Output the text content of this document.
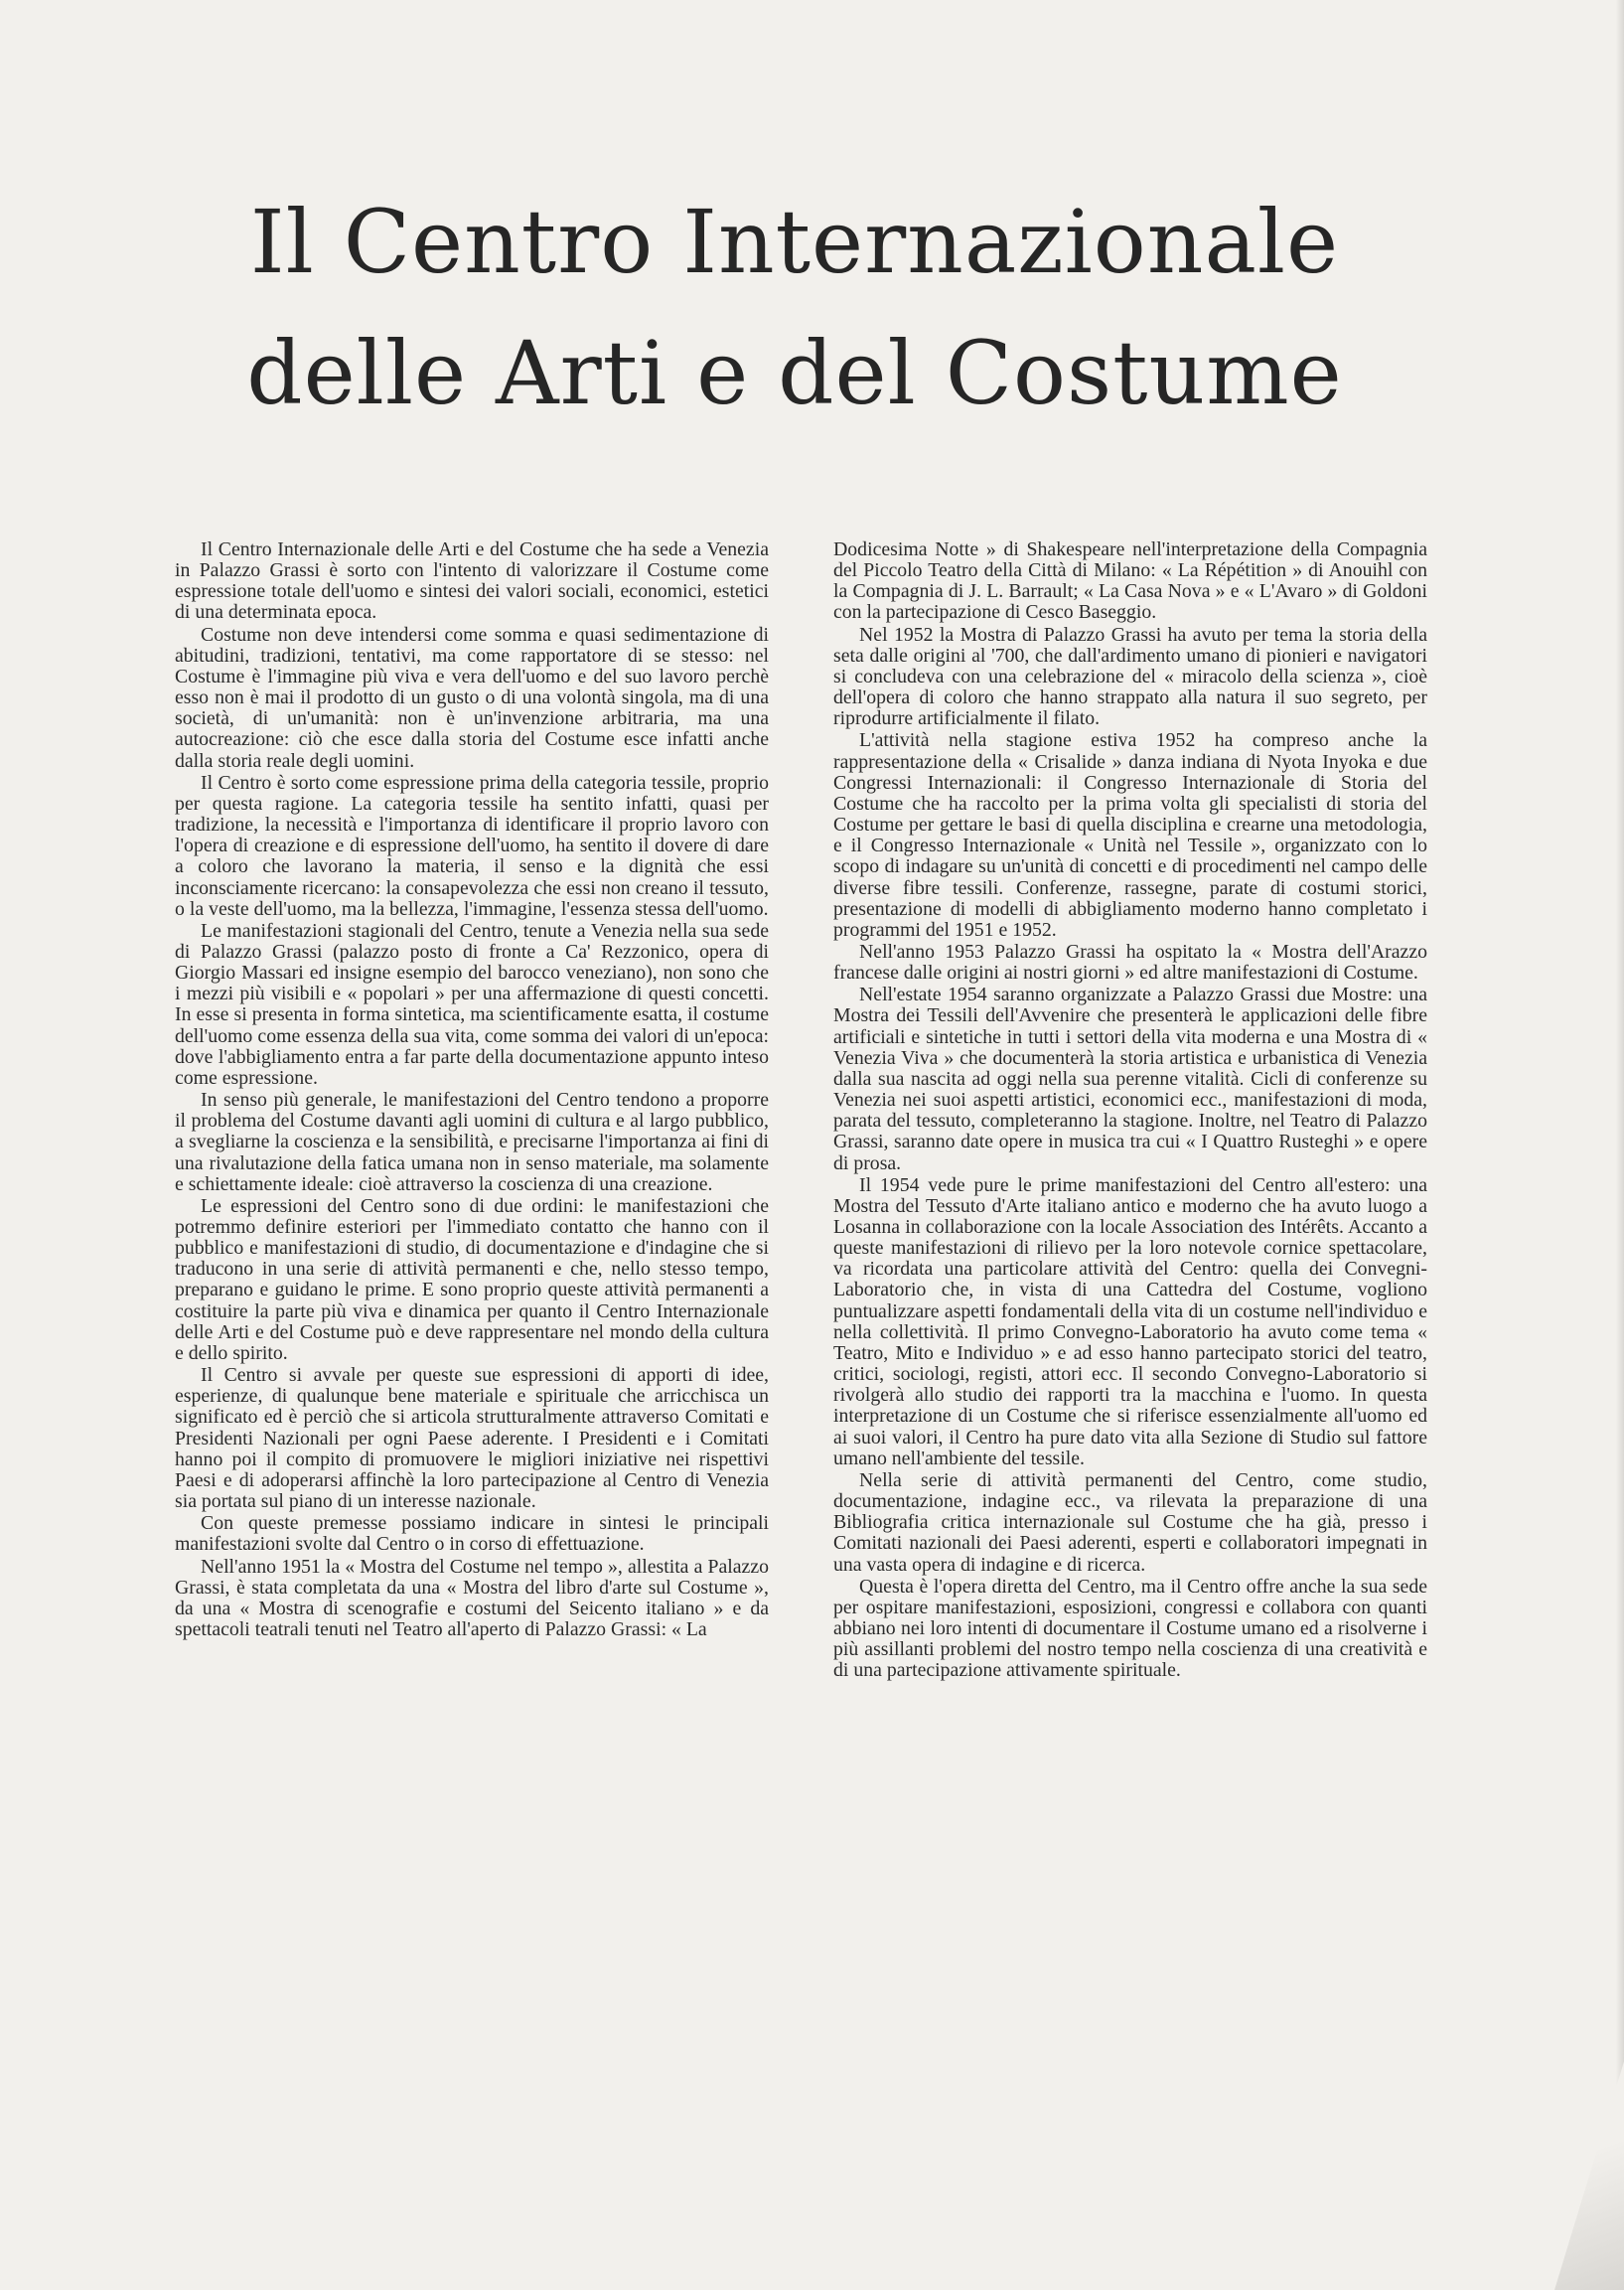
Il Centro Internazionale
delle Arti e del Costume

Il Centro Internazionale delle Arti e del Costume che ha sede a Venezia in Palazzo Grassi è sorto con l'intento di valorizzare il Costume come espressione totale dell'uomo e sintesi dei valori sociali, economici, estetici di una determinata epoca.

Costume non deve intendersi come somma e quasi sedimentazione di abitudini, tradizioni, tentativi, ma come rapportatore di se stesso: nel Costume è l'immagine più viva e vera dell'uomo e del suo lavoro perchè esso non è mai il prodotto di un gusto o di una volontà singola, ma di una società, di un'umanità: non è un'invenzione arbitraria, ma una autocreazione: ciò che esce dalla storia del Costume esce infatti anche dalla storia reale degli uomini.

Il Centro è sorto come espressione prima della categoria tessile, proprio per questa ragione. La categoria tessile ha sentito infatti, quasi per tradizione, la necessità e l'importanza di identificare il proprio lavoro con l'opera di creazione e di espressione dell'uomo, ha sentito il dovere di dare a coloro che lavorano la materia, il senso e la dignità che essi inconsciamente ricercano: la consapevolezza che essi non creano il tessuto, o la veste dell'uomo, ma la bellezza, l'immagine, l'essenza stessa dell'uomo.

Le manifestazioni stagionali del Centro, tenute a Venezia nella sua sede di Palazzo Grassi (palazzo posto di fronte a Ca' Rezzonico, opera di Giorgio Massari ed insigne esempio del barocco veneziano), non sono che i mezzi più visibili e « popolari » per una affermazione di questi concetti. In esse si presenta in forma sintetica, ma scientificamente esatta, il costume dell'uomo come essenza della sua vita, come somma dei valori di un'epoca: dove l'abbigliamento entra a far parte della documentazione appunto inteso come espressione.

In senso più generale, le manifestazioni del Centro tendono a proporre il problema del Costume davanti agli uomini di cultura e al largo pubblico, a svegliarne la coscienza e la sensibilità, e precisarne l'importanza ai fini di una rivalutazione della fatica umana non in senso materiale, ma solamente e schiettamente ideale: cioè attraverso la coscienza di una creazione.

Le espressioni del Centro sono di due ordini: le manifestazioni che potremmo definire esteriori per l'immediato contatto che hanno con il pubblico e manifestazioni di studio, di documentazione e d'indagine che si traducono in una serie di attività permanenti e che, nello stesso tempo, preparano e guidano le prime. E sono proprio queste attività permanenti a costituire la parte più viva e dinamica per quanto il Centro Internazionale delle Arti e del Costume può e deve rappresentare nel mondo della cultura e dello spirito.

Il Centro si avvale per queste sue espressioni di apporti di idee, esperienze, di qualunque bene materiale e spirituale che arricchisca un significato ed è perciò che si articola strutturalmente attraverso Comitati e Presidenti Nazionali per ogni Paese aderente. I Presidenti e i Comitati hanno poi il compito di promuovere le migliori iniziative nei rispettivi Paesi e di adoperarsi affinchè la loro partecipazione al Centro di Venezia sia portata sul piano di un interesse nazionale.

Con queste premesse possiamo indicare in sintesi le principali manifestazioni svolte dal Centro o in corso di effettuazione.

Nell'anno 1951 la « Mostra del Costume nel tempo », allestita a Palazzo Grassi, è stata completata da una « Mostra del libro d'arte sul Costume », da una « Mostra di scenografie e costumi del Seicento italiano » e da spettacoli teatrali tenuti nel Teatro all'aperto di Palazzo Grassi: « La

Dodicesima Notte » di Shakespeare nell'interpretazione della Compagnia del Piccolo Teatro della Città di Milano: « La Répétition » di Anouihl con la Compagnia di J. L. Barrault; « La Casa Nova » e « L'Avaro » di Goldoni con la partecipazione di Cesco Baseggio.

Nel 1952 la Mostra di Palazzo Grassi ha avuto per tema la storia della seta dalle origini al '700, che dall'ardimento umano di pionieri e navigatori si concludeva con una celebrazione del « miracolo della scienza », cioè dell'opera di coloro che hanno strappato alla natura il suo segreto, per riprodurre artificialmente il filato.

L'attività nella stagione estiva 1952 ha compreso anche la rappresentazione della « Crisalide » danza indiana di Nyota Inyoka e due Congressi Internazionali: il Congresso Internazionale di Storia del Costume che ha raccolto per la prima volta gli specialisti di storia del Costume per gettare le basi di quella disciplina e crearne una metodologia, e il Congresso Internazionale « Unità nel Tessile », organizzato con lo scopo di indagare su un'unità di concetti e di procedimenti nel campo delle diverse fibre tessili. Conferenze, rassegne, parate di costumi storici, presentazione di modelli di abbigliamento moderno hanno completato i programmi del 1951 e 1952.

Nell'anno 1953 Palazzo Grassi ha ospitato la « Mostra dell'Arazzo francese dalle origini ai nostri giorni » ed altre manifestazioni di Costume.

Nell'estate 1954 saranno organizzate a Palazzo Grassi due Mostre: una Mostra dei Tessili dell'Avvenire che presenterà le applicazioni delle fibre artificiali e sintetiche in tutti i settori della vita moderna e una Mostra di « Venezia Viva » che documenterà la storia artistica e urbanistica di Venezia dalla sua nascita ad oggi nella sua perenne vitalità. Cicli di conferenze su Venezia nei suoi aspetti artistici, economici ecc., manifestazioni di moda, parata del tessuto, completeranno la stagione. Inoltre, nel Teatro di Palazzo Grassi, saranno date opere in musica tra cui « I Quattro Rusteghi » e opere di prosa.

Il 1954 vede pure le prime manifestazioni del Centro all'estero: una Mostra del Tessuto d'Arte italiano antico e moderno che ha avuto luogo a Losanna in collaborazione con la locale Association des Intérêts. Accanto a queste manifestazioni di rilievo per la loro notevole cornice spettacolare, va ricordata una particolare attività del Centro: quella dei Convegni-Laboratorio che, in vista di una Cattedra del Costume, vogliono puntualizzare aspetti fondamentali della vita di un costume nell'individuo e nella collettività. Il primo Convegno-Laboratorio ha avuto come tema « Teatro, Mito e Individuo » e ad esso hanno partecipato storici del teatro, critici, sociologi, registi, attori ecc. Il secondo Convegno-Laboratorio si rivolgerà allo studio dei rapporti tra la macchina e l'uomo. In questa interpretazione di un Costume che si riferisce essenzialmente all'uomo ed ai suoi valori, il Centro ha pure dato vita alla Sezione di Studio sul fattore umano nell'ambiente del tessile.

Nella serie di attività permanenti del Centro, come studio, documentazione, indagine ecc., va rilevata la preparazione di una Bibliografia critica internazionale sul Costume che ha già, presso i Comitati nazionali dei Paesi aderenti, esperti e collaboratori impegnati in una vasta opera di indagine e di ricerca.

Questa è l'opera diretta del Centro, ma il Centro offre anche la sua sede per ospitare manifestazioni, esposizioni, congressi e collabora con quanti abbiano nei loro intenti di documentare il Costume umano ed a risolverne i più assillanti problemi del nostro tempo nella coscienza di una creatività e di una partecipazione attivamente spirituale.
